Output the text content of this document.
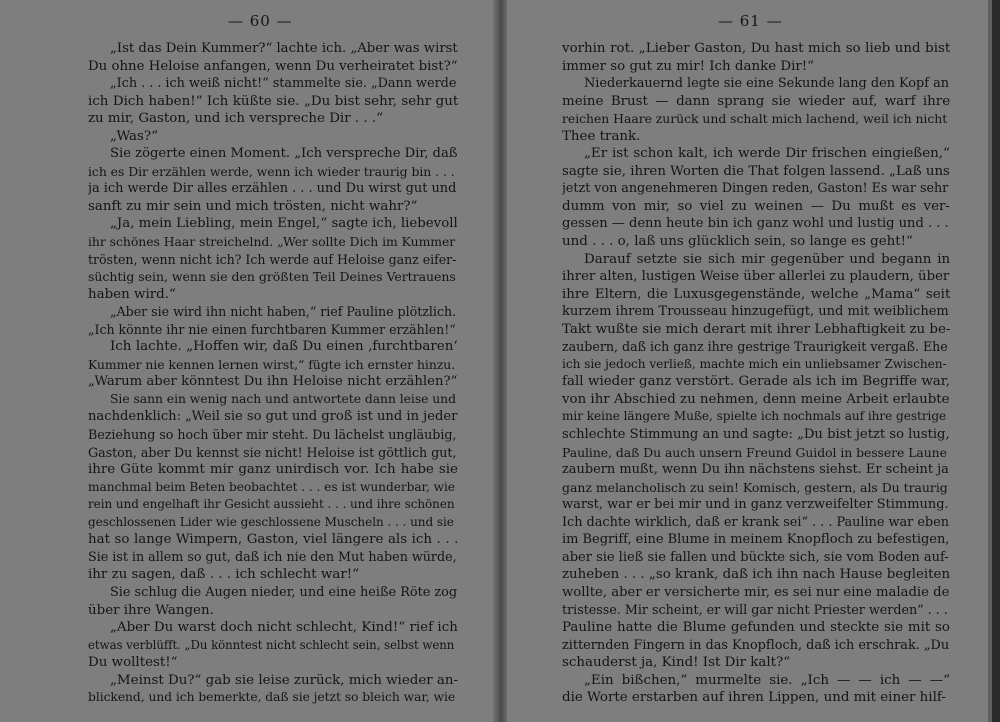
— 60 —
„Ist das Dein Kummer?“ lachte ich. „Aber was wirst
Du ohne Heloise anfangen, wenn Du verheiratet bist?“
„Ich . . . ich weiß nicht!“ stammelte sie. „Dann werde
ich Dich haben!“ Ich küßte sie. „Du bist sehr, sehr gut
zu mir, Gaston, und ich verspreche Dir . . .“
„Was?“
Sie zögerte einen Moment. „Ich verspreche Dir, daß
ich es Dir erzählen werde, wenn ich wieder traurig bin . . .
ja ich werde Dir alles erzählen . . . und Du wirst gut und
sanft zu mir sein und mich trösten, nicht wahr?“
„Ja, mein Liebling, mein Engel,“ sagte ich, liebevoll
ihr schönes Haar streichelnd. „Wer sollte Dich im Kummer
trösten, wenn nicht ich? Ich werde auf Heloise ganz eifer-
süchtig sein, wenn sie den größten Teil Deines Vertrauens
haben wird.“
„Aber sie wird ihn nicht haben,“ rief Pauline plötzlich.
„Ich könnte ihr nie einen furchtbaren Kummer erzählen!“
Ich lachte. „Hoffen wir, daß Du einen ‚furchtbaren‘
Kummer nie kennen lernen wirst,“ fügte ich ernster hinzu.
„Warum aber könntest Du ihn Heloise nicht erzählen?“
Sie sann ein wenig nach und antwortete dann leise und
nachdenklich: „Weil sie so gut und groß ist und in jeder
Beziehung so hoch über mir steht. Du lächelst ungläubig,
Gaston, aber Du kennst sie nicht! Heloise ist göttlich gut,
ihre Güte kommt mir ganz unirdisch vor. Ich habe sie
manchmal beim Beten beobachtet . . . es ist wunderbar, wie
rein und engelhaft ihr Gesicht aussieht . . . und ihre schönen
geschlossenen Lider wie geschlossene Muscheln . . . und sie
hat so lange Wimpern, Gaston, viel längere als ich . . .
Sie ist in allem so gut, daß ich nie den Mut haben würde,
ihr zu sagen, daß . . . ich schlecht war!“
Sie schlug die Augen nieder, und eine heiße Röte zog
über ihre Wangen.
„Aber Du warst doch nicht schlecht, Kind!“ rief ich
etwas verblüfft. „Du könntest nicht schlecht sein, selbst wenn
Du wolltest!“
„Meinst Du?“ gab sie leise zurück, mich wieder an-
blickend, und ich bemerkte, daß sie jetzt so bleich war, wie
— 61 —
vorhin rot. „Lieber Gaston, Du hast mich so lieb und bist
immer so gut zu mir! Ich danke Dir!“
Niederkauernd legte sie eine Sekunde lang den Kopf an
meine Brust — dann sprang sie wieder auf, warf ihre
reichen Haare zurück und schalt mich lachend, weil ich nicht
Thee trank.
„Er ist schon kalt, ich werde Dir frischen eingießen,“
sagte sie, ihren Worten die That folgen lassend. „Laß uns
jetzt von angenehmeren Dingen reden, Gaston! Es war sehr
dumm von mir, so viel zu weinen — Du mußt es ver-
gessen — denn heute bin ich ganz wohl und lustig und . . .
und . . . o, laß uns glücklich sein, so lange es geht!“
Darauf setzte sie sich mir gegenüber und begann in
ihrer alten, lustigen Weise über allerlei zu plaudern, über
ihre Eltern, die Luxusgegenstände, welche „Mama“ seit
kurzem ihrem Trousseau hinzugefügt, und mit weiblichem
Takt wußte sie mich derart mit ihrer Lebhaftigkeit zu be-
zaubern, daß ich ganz ihre gestrige Traurigkeit vergaß. Ehe
ich sie jedoch verließ, machte mich ein unliebsamer Zwischen-
fall wieder ganz verstört. Gerade als ich im Begriffe war,
von ihr Abschied zu nehmen, denn meine Arbeit erlaubte
mir keine längere Muße, spielte ich nochmals auf ihre gestrige
schlechte Stimmung an und sagte: „Du bist jetzt so lustig,
Pauline, daß Du auch unsern Freund Guidol in bessere Laune
zaubern mußt, wenn Du ihn nächstens siehst. Er scheint ja
ganz melancholisch zu sein! Komisch, gestern, als Du traurig
warst, war er bei mir und in ganz verzweifelter Stimmung.
Ich dachte wirklich, daß er krank sei“ . . . Pauline war eben
im Begriff, eine Blume in meinem Knopfloch zu befestigen,
aber sie ließ sie fallen und bückte sich, sie vom Boden auf-
zuheben . . . „so krank, daß ich ihn nach Hause begleiten
wollte, aber er versicherte mir, es sei nur eine maladie de
tristesse. Mir scheint, er will gar nicht Priester werden“ . . .
Pauline hatte die Blume gefunden und steckte sie mit so
zitternden Fingern in das Knopfloch, daß ich erschrak. „Du
schauderst ja, Kind! Ist Dir kalt?“
„Ein bißchen,“ murmelte sie. „Ich — — ich — —“
die Worte erstarben auf ihren Lippen, und mit einer hilf-
